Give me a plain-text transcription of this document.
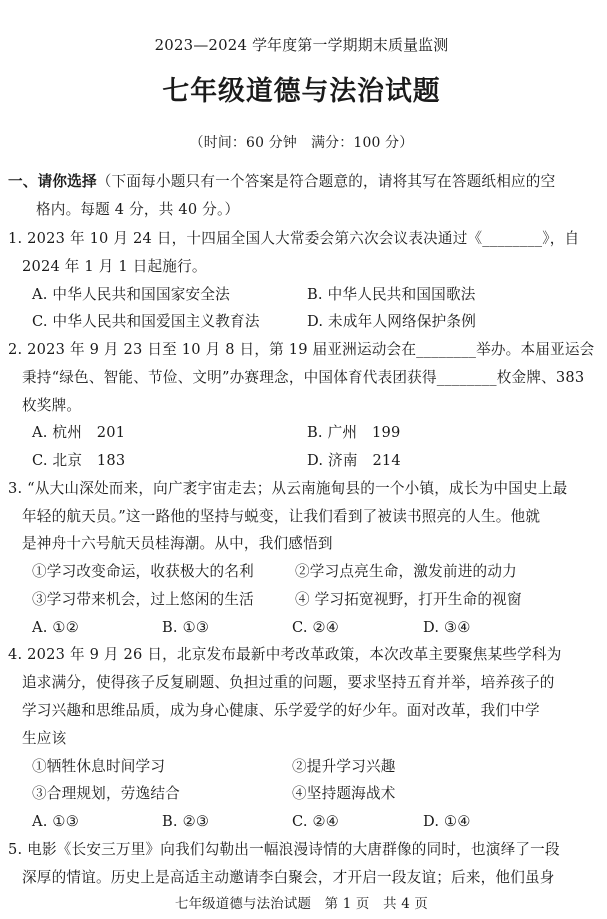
2023—2024 学年度第一学期期末质量监测
七年级道德与法治试题
（时间：60 分钟　满分：100 分）
一、请你选择（下面每小题只有一个答案是符合题意的，请将其写在答题纸相应的空
格内。每题 4 分，共 40 分。）
1. 2023 年 10 月 24 日，十四届全国人大常委会第六次会议表决通过《________》，自
2024 年 1 月 1 日起施行。
A. 中华人民共和国国家安全法	B. 中华人民共和国国歌法
C. 中华人民共和国爱国主义教育法	D. 未成年人网络保护条例
2. 2023 年 9 月 23 日至 10 月 8 日，第 19 届亚洲运动会在________举办。本届亚运会
秉持“绿色、智能、节俭、文明”办赛理念，中国体育代表团获得________枚金牌、383
枚奖牌。
A. 杭州　201	B. 广州　199
C. 北京　183	D. 济南　214
3. “从大山深处而来，向广袤宇宙走去；从云南施甸县的一个小镇，成长为中国史上最
年轻的航天员。”这一路他的坚持与蜕变，让我们看到了被读书照亮的人生。他就
是神舟十六号航天员桂海潮。从中，我们感悟到
①学习改变命运，收获极大的名利	②学习点亮生命，激发前进的动力
③学习带来机会，过上悠闲的生活	④ 学习拓宽视野，打开生命的视窗
A. ①②	B. ①③	C. ②④	D. ③④
4. 2023 年 9 月 26 日，北京发布最新中考改革政策，本次改革主要聚焦某些学科为
追求满分，使得孩子反复刷题、负担过重的问题，要求坚持五育并举，培养孩子的
学习兴趣和思维品质，成为身心健康、乐学爱学的好少年。面对改革，我们中学
生应该
①牺牲休息时间学习	②提升学习兴趣
③合理规划，劳逸结合	④坚持题海战术
A. ①③	B. ②③	C. ②④	D. ①④
5. 电影《长安三万里》向我们勾勒出一幅浪漫诗情的大唐群像的同时，也演绎了一段
深厚的情谊。历史上是高适主动邀请李白聚会，才开启一段友谊；后来，他们虽身
七年级道德与法治试题　第 1 页　共 4 页
